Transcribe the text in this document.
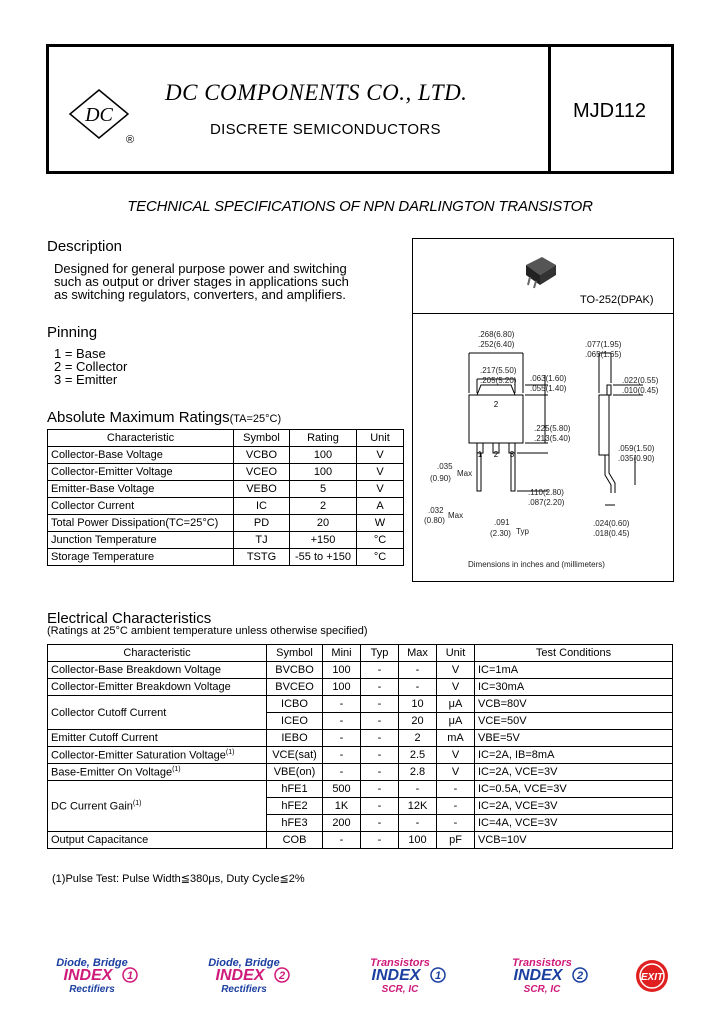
DC
®
DC COMPONENTS CO., LTD.
DISCRETE SEMICONDUCTORS
MJD112
TECHNICAL SPECIFICATIONS OF NPN DARLINGTON TRANSISTOR
Description
Designed for general purpose power and switching
such as output or driver stages in applications such
as switching regulators, converters, and amplifiers.
Pinning
1 = Base
2 = Collector
3 = Emitter
Absolute Maximum Ratings(TA=25°C)
Characteristic	Symbol	Rating	Unit
Collector-Base Voltage	VCBO	100	V
Collector-Emitter Voltage	VCEO	100	V
Emitter-Base Voltage	VEBO	5	V
Collector Current	IC	2	A
Total Power Dissipation(TC=25°C)	PD	20	W
Junction Temperature	TJ	+150	°C
Storage Temperature	TSTG	-55 to +150	°C
TO-252(DPAK)
2
1 2 3
.268(6.80)
.252(6.40)
.217(5.50)
.205(5.20) .063(1.60)
.055(1.40)
.225(5.80)
.213(5.40)
.035
Max
(0.90)
.110(2.80)
.087(2.20)
.032
Max
(0.80)	.091
(2.30) Typ
.077(1.95)
.065(1.65)
.022(0.55)
.010(0.45)
.059(1.50)
.035(0.90)
.024(0.60)
.018(0.45)
Dimensions in inches and (millimeters)
Electrical Characteristics
(Ratings at 25°C ambient temperature unless otherwise specified)
Characteristic	Symbol	Mini	Typ	Max	Unit	Test Conditions
Collector-Base Breakdown Voltage	BVCBO	100	-	-	V	IC=1mA
Collector-Emitter Breakdown Voltage	BVCEO	100	-	-	V	IC=30mA
Collector Cutoff Current	ICBO	-	-	10	μA	VCB=80V
	ICEO	-	-	20	μA	VCE=50V
Emitter Cutoff Current	IEBO	-	-	2	mA	VBE=5V
Collector-Emitter Saturation Voltage$^{(1)}$	VCE(sat)	-	-	2.5	V	IC=2A, IB=8mA
Base-Emitter On Voltage$^{(1)}$	VBE(on)	-	-	2.8	V	IC=2A, VCE=3V
DC Current Gain$^{(1)}$	hFE1	500	-	-	-	IC=0.5A, VCE=3V
	hFE2	1K	-	12K	-	IC=2A, VCE=3V
	hFE3	200	-	-	-	IC=4A, VCE=3V
Output Capacitance	COB	-	-	100	pF	VCB=10V
(1)Pulse Test: Pulse Width≦380μs, Duty Cycle≦2%
Diode, Bridge
INDEX 1
Rectifiers
Diode, Bridge
INDEX 2
Rectifiers
Transistors
INDEX 1
SCR, IC
Transistors
INDEX 2
SCR, IC
EXIT
